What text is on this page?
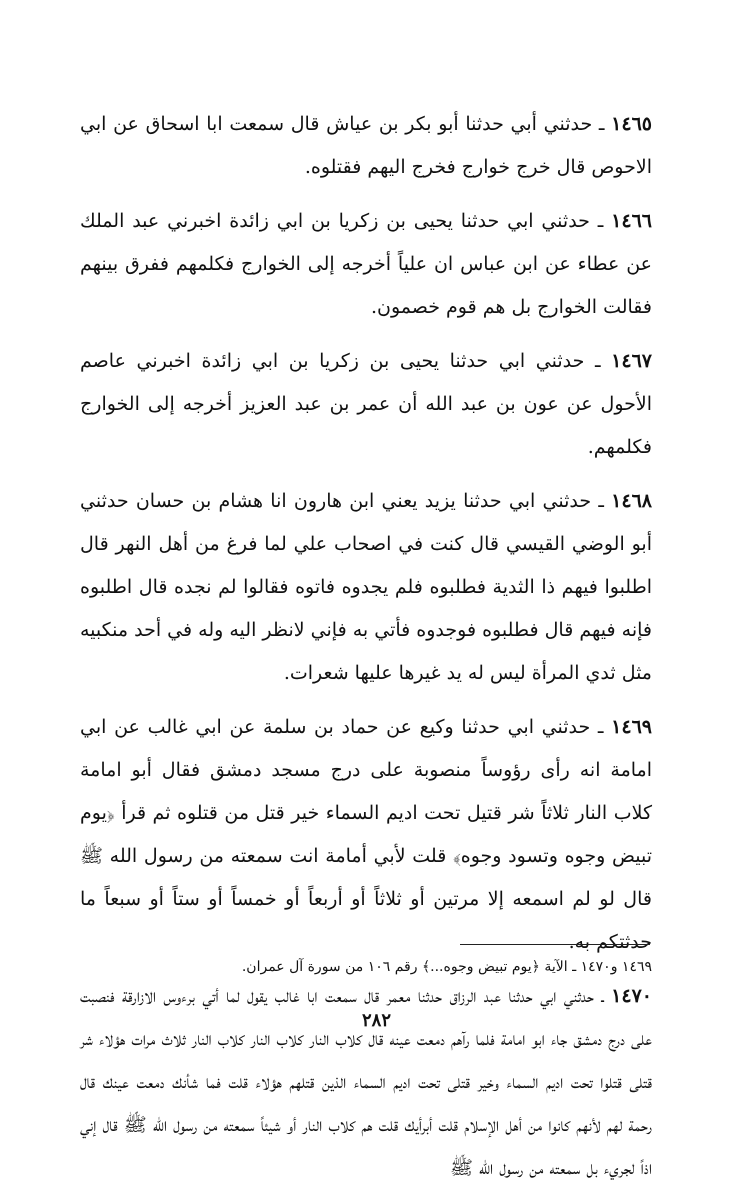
١٤٦٥ ـ حدثني أبي حدثنا أبو بكر بن عياش قال سمعت ابا اسحاق عن ابي الاحوص قال خرج خوارج فخرج اليهم فقتلوه.

١٤٦٦ ـ حدثني ابي حدثنا يحيى بن زكريا بن ابي زائدة اخبرني عبد الملك عن عطاء عن ابن عباس ان علياً أخرجه إلى الخوارج فكلمهم ففرق بينهم فقالت الخوارج بل هم قوم خصمون.

١٤٦٧ ـ حدثني ابي حدثنا يحيى بن زكريا بن ابي زائدة اخبرني عاصم الأحول عن عون بن عبد الله أن عمر بن عبد العزيز أخرجه إلى الخوارج فكلمهم.

١٤٦٨ ـ حدثني ابي حدثنا يزيد يعني ابن هارون انا هشام بن حسان حدثني أبو الوضي القيسي قال كنت في اصحاب علي لما فرغ من أهل النهر قال اطلبوا فيهم ذا الثدية فطلبوه فلم يجدوه فاتوه فقالوا لم نجده قال اطلبوه فإنه فيهم قال فطلبوه فوجدوه فأتي به فإني لانظر اليه وله في أحد منكبيه مثل ثدي المرأة ليس له يد غيرها عليها شعرات.

١٤٦٩ ـ حدثني ابي حدثنا وكيع عن حماد بن سلمة عن ابي غالب عن ابي امامة انه رأى رؤوساً منصوبة على درج مسجد دمشق فقال أبو امامة كلاب النار ثلاثاً شر قتيل تحت اديم السماء خير قتل من قتلوه ثم قرأ ﴿يوم تبيض وجوه وتسود وجوه﴾ قلت لأبي أمامة انت سمعته من رسول الله ﷺ قال لو لم اسمعه إلا مرتين أو ثلاثاً أو أربعاً أو خمساً أو ستاً أو سبعاً ما حدثتكم به.

١٤٧٠ ـ حدثني ابي حدثنا عبد الرزاق حدثنا معمر قال سمعت ابا غالب يقول لما أتي برءوس الازارقة فنصبت على درج دمشق جاء ابو امامة فلما رآهم دمعت عينه قال كلاب النار كلاب النار كلاب النار ثلاث مرات هؤلاء شر قتلى قتلوا تحت اديم السماء وخير قتلى تحت اديم السماء الذين قتلهم هؤلاء قلت فما شأنك دمعت عينك قال رحمة لهم لأنهم كانوا من أهل الإسلام قلت أبرأيك قلت هم كلاب النار أو شيئاً سمعته من رسول الله ﷺ قال إني اذاً لجريء بل سمعته من رسول الله ﷺ

١٤٦٩ و١٤٧٠ ـ الآية ﴿يوم تبيض وجوه...﴾ رقم ١٠٦ من سورة آل عمران.
٢٨٢
